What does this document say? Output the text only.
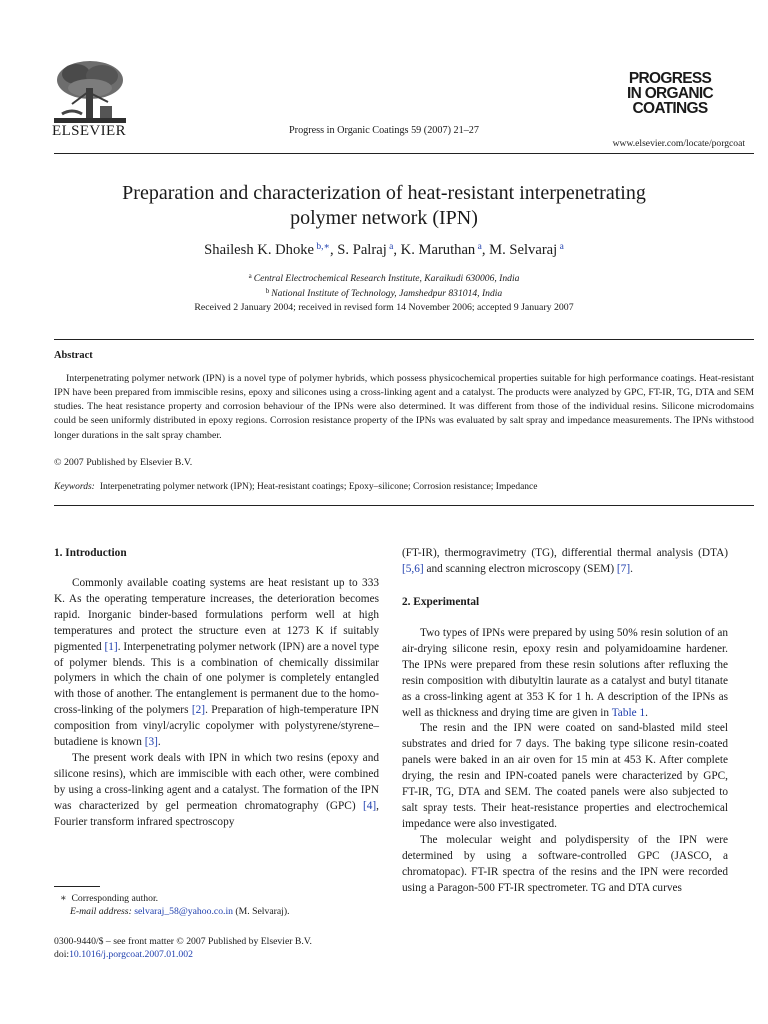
ELSEVIER	Progress in Organic Coatings 59 (2007) 21–27
PROGRESS
IN ORGANIC
COATINGS
www.elsevier.com/locate/porgcoat
Preparation and characterization of heat-resistant interpenetrating polymer network (IPN)
Shailesh K. Dhoke $^{b,∗}$, S. Palraj $^a$, K. Maruthan $^a$, M. Selvaraj $^a$
$^a$ Central Electrochemical Research Institute, Karaikudi 630006, India
$^b$ National Institute of Technology, Jamshedpur 831014, India
Received 2 January 2004; received in revised form 14 November 2006; accepted 9 January 2007
Abstract

Interpenetrating polymer network (IPN) is a novel type of polymer hybrids, which possess physicochemical properties suitable for high performance coatings. Heat-resistant IPN have been prepared from immiscible resins, epoxy and silicones using a cross-linking agent and a catalyst. The products were analyzed by GPC, FT-IR, TG, DTA and SEM studies. The heat resistance property and corrosion behaviour of the IPNs were also determined. It was different from those of the individual resins. Silicone microdomains could be seen uniformly distributed in epoxy regions. Corrosion resistance property of the IPNs was evaluated by salt spray and impedance measurements. The IPNs withstood longer durations in the salt spray chamber.

© 2007 Published by Elsevier B.V.
Keywords: Interpenetrating polymer network (IPN); Heat-resistant coatings; Epoxy–silicone; Corrosion resistance; Impedance
1. Introduction

Commonly available coating systems are heat resistant up to 333 K. As the operating temperature increases, the deterioration becomes rapid. Inorganic binder-based formulations perform well at high temperatures and protect the structure even at 1273 K if suitably pigmented [1]. Interpenetrating polymer network (IPN) are a novel type of polymer blends. This is a combination of chemically dissimilar polymers in which the chain of one polymer is completely entangled with those of another. The entanglement is permanent due to the homo-cross-linking of the polymers [2]. Preparation of high-temperature IPN composition from vinyl/acrylic copolymer with polystyrene/styrene–butadiene is known [3].

The present work deals with IPN in which two resins (epoxy and silicone resins), which are immiscible with each other, were combined by using a cross-linking agent and a catalyst. The formation of the IPN was characterized by gel permeation chromatography (GPC) [4], Fourier transform infrared spectroscopy

(FT-IR), thermogravimetry (TG), differential thermal analysis (DTA) [5,6] and scanning electron microscopy (SEM) [7].

2. Experimental

Two types of IPNs were prepared by using 50% resin solution of an air-drying silicone resin, epoxy resin and polyamidoamine hardener. The IPNs were prepared from these resin solutions after refluxing the resin composition with dibutyltin laurate as a catalyst and butyl titanate as a cross-linking agent at 353 K for 1 h. A description of the IPNs as well as thickness and drying time are given in Table 1.

The resin and the IPN were coated on sand-blasted mild steel substrates and dried for 7 days. The baking type silicone resin-coated panels were baked in an air oven for 15 min at 453 K. After complete drying, the resin and IPN-coated panels were characterized by GPC, FT-IR, TG, DTA and SEM. The coated panels were also subjected to salt spray tests. Their heat-resistance properties and electrochemical impedance were also investigated.

The molecular weight and polydispersity of the IPN were determined by using a software-controlled GPC (JASCO, a chromatopac). FT-IR spectra of the resins and the IPN were recorded using a Paragon-500 FT-IR spectrometer. TG and DTA curves

∗ Corresponding author.
E-mail address: selvaraj_58@yahoo.co.in (M. Selvaraj).
0300-9440/$ – see front matter © 2007 Published by Elsevier B.V.
doi:10.1016/j.porgcoat.2007.01.002
